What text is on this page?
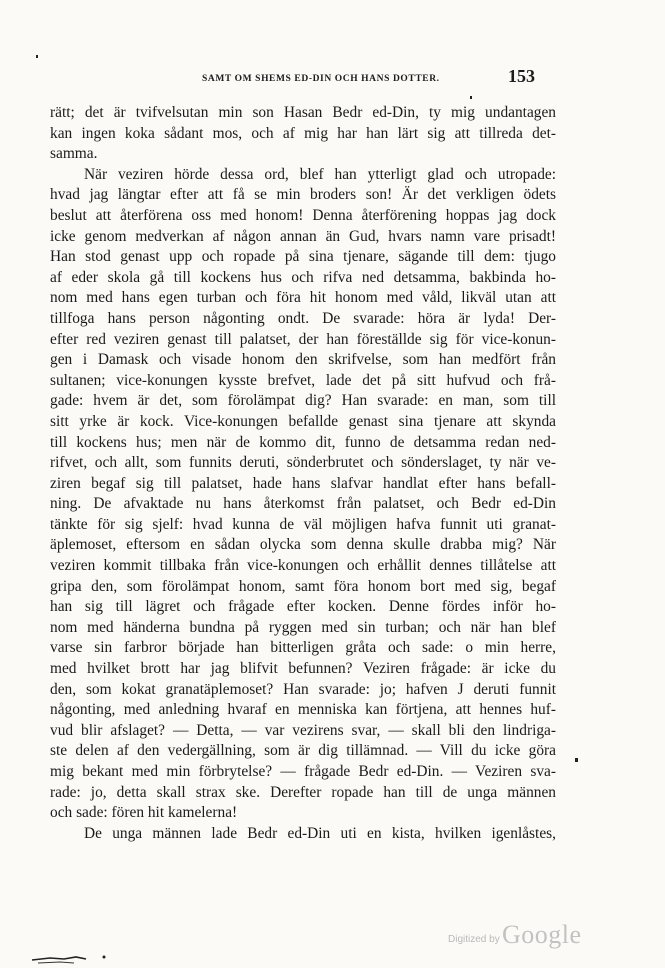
SAMT OM SHEMS ED-DIN OCH HANS DOTTER.	153
rätt; det är tvifvelsutan min son Hasan Bedr ed-Din, ty mig undantagen
kan ingen koka sådant mos, och af mig har han lärt sig att tillreda det-
samma.
När veziren hörde dessa ord, blef han ytterligt glad och utropade:
hvad jag längtar efter att få se min broders son! Är det verkligen ödets
beslut att återförena oss med honom! Denna återförening hoppas jag dock
icke genom medverkan af någon annan än Gud, hvars namn vare prisadt!
Han stod genast upp och ropade på sina tjenare, sägande till dem: tjugo
af eder skola gå till kockens hus och rifva ned detsamma, bakbinda ho-
nom med hans egen turban och föra hit honom med våld, likväl utan att
tillfoga hans person någonting ondt. De svarade: höra är lyda! Der-
efter red veziren genast till palatset, der han föreställde sig för vice-konun-
gen i Damask och visade honom den skrifvelse, som han medfört från
sultanen; vice-konungen kysste brefvet, lade det på sitt hufvud och frå-
gade: hvem är det, som förolämpat dig? Han svarade: en man, som till
sitt yrke är kock. Vice-konungen befallde genast sina tjenare att skynda
till kockens hus; men när de kommo dit, funno de detsamma redan ned-
rifvet, och allt, som funnits deruti, sönderbrutet och sönderslaget, ty när ve-
ziren begaf sig till palatset, hade hans slafvar handlat efter hans befall-
ning. De afvaktade nu hans återkomst från palatset, och Bedr ed-Din
tänkte för sig sjelf: hvad kunna de väl möjligen hafva funnit uti granat-
äplemoset, eftersom en sådan olycka som denna skulle drabba mig? När
veziren kommit tillbaka från vice-konungen och erhållit dennes tillåtelse att
gripa den, som förolämpat honom, samt föra honom bort med sig, begaf
han sig till lägret och frågade efter kocken. Denne fördes inför ho-
nom med händerna bundna på ryggen med sin turban; och när han blef
varse sin farbror började han bitterligen gråta och sade: o min herre,
med hvilket brott har jag blifvit befunnen? Veziren frågade: är icke du
den, som kokat granatäplemoset? Han svarade: jo; hafven J deruti funnit
någonting, med anledning hvaraf en menniska kan förtjena, att hennes huf-
vud blir afslaget? — Detta, — var vezirens svar, — skall bli den lindriga-
ste delen af den vedergällning, som är dig tillämnad. — Vill du icke göra
mig bekant med min förbrytelse? — frågade Bedr ed-Din. — Veziren sva-
rade: jo, detta skall strax ske. Derefter ropade han till de unga männen
och sade: fören hit kamelerna!
De unga männen lade Bedr ed-Din uti en kista, hvilken igenlåstes,
Digitized by Google
